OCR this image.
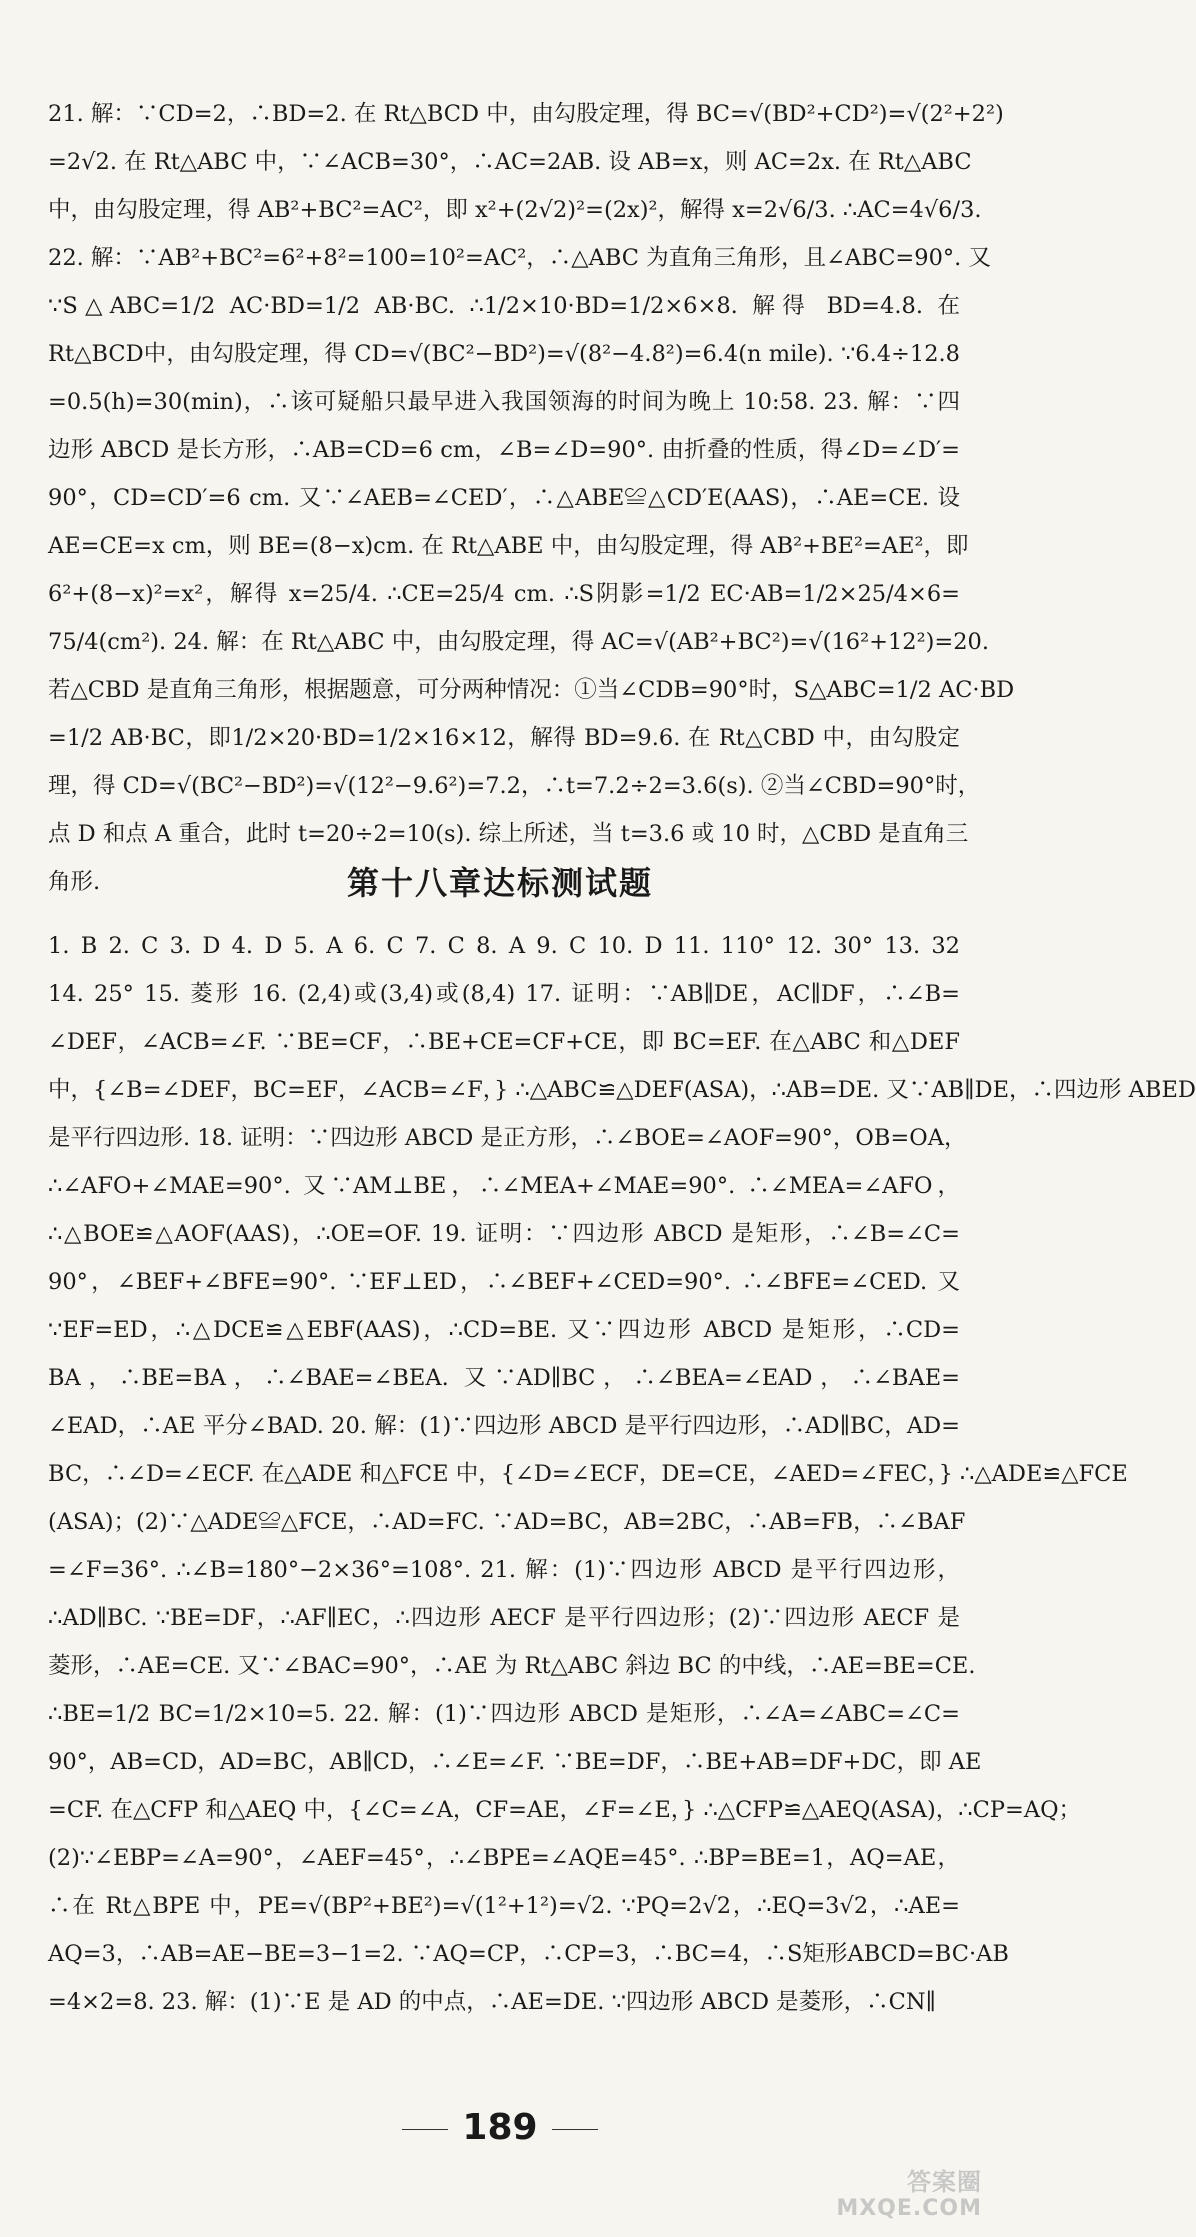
21. 解：∵CD=2，∴BD=2. 在 Rt△BCD 中，由勾股定理，得 BC=√(BD²+CD²)=√(2²+2²)
=2√2. 在 Rt△ABC 中，∵∠ACB=30°，∴AC=2AB. 设 AB=x，则 AC=2x. 在 Rt△ABC
中，由勾股定理，得 AB²+BC²=AC²，即 x²+(2√2)²=(2x)²，解得 x=2√6/3. ∴AC=4√6/3.
22. 解：∵AB²+BC²=6²+8²=100=10²=AC²，∴△ABC 为直角三角形，且∠ABC=90°. 又
∵S△ABC=1/2 AC·BD=1/2 AB·BC. ∴1/2×10·BD=1/2×6×8. 解得 BD=4.8. 在
Rt△BCD中，由勾股定理，得 CD=√(BC²−BD²)=√(8²−4.8²)=6.4(n mile). ∵6.4÷12.8
=0.5(h)=30(min)，∴该可疑船只最早进入我国领海的时间为晚上 10:58. 23. 解：∵四
边形 ABCD 是长方形，∴AB=CD=6 cm，∠B=∠D=90°. 由折叠的性质，得∠D=∠D′=
90°，CD=CD′=6 cm. 又∵∠AEB=∠CED′，∴△ABE≌△CD′E(AAS)，∴AE=CE. 设
AE=CE=x cm，则 BE=(8−x)cm. 在 Rt△ABE 中，由勾股定理，得 AB²+BE²=AE²，即
6²+(8−x)²=x²，解得 x=25/4. ∴CE=25/4 cm. ∴S阴影=1/2 EC·AB=1/2×25/4×6=
75/4(cm²). 24. 解：在 Rt△ABC 中，由勾股定理，得 AC=√(AB²+BC²)=√(16²+12²)=20.
若△CBD 是直角三角形，根据题意，可分两种情况：①当∠CDB=90°时，S△ABC=1/2 AC·BD
=1/2 AB·BC，即1/2×20·BD=1/2×16×12，解得 BD=9.6. 在 Rt△CBD 中，由勾股定
理，得 CD=√(BC²−BD²)=√(12²−9.6²)=7.2，∴t=7.2÷2=3.6(s). ②当∠CBD=90°时，
点 D 和点 A 重合，此时 t=20÷2=10(s). 综上所述，当 t=3.6 或 10 时，△CBD 是直角三
角形.	第十八章达标测试题
1. B 2. C 3. D 4. D 5. A 6. C 7. C 8. A 9. C 10. D 11. 110° 12. 30° 13. 32
14. 25° 15. 菱形 16. (2,4)或(3,4)或(8,4) 17. 证明：∵AB∥DE，AC∥DF，∴∠B=
∠DEF，∠ACB=∠F. ∵BE=CF，∴BE+CE=CF+CE，即 BC=EF. 在△ABC 和△DEF
中，{∠B=∠DEF，BC=EF，∠ACB=∠F，} ∴△ABC≌△DEF(ASA)，∴AB=DE. 又∵AB∥DE，∴四边形 ABED
是平行四边形. 18. 证明：∵四边形 ABCD 是正方形，∴∠BOE=∠AOF=90°，OB=OA，
∴∠AFO+∠MAE=90°. 又∵AM⊥BE，∴∠MEA+∠MAE=90°. ∴∠MEA=∠AFO，
∴△BOE≌△AOF(AAS)，∴OE=OF. 19. 证明：∵四边形 ABCD 是矩形，∴∠B=∠C=
90°，∠BEF+∠BFE=90°. ∵EF⊥ED，∴∠BEF+∠CED=90°. ∴∠BFE=∠CED. 又
∵EF=ED，∴△DCE≌△EBF(AAS)，∴CD=BE. 又∵四边形 ABCD 是矩形，∴CD=
BA，∴BE=BA，∴∠BAE=∠BEA. 又∵AD∥BC，∴∠BEA=∠EAD，∴∠BAE=
∠EAD，∴AE 平分∠BAD. 20. 解：(1)∵四边形 ABCD 是平行四边形，∴AD∥BC，AD=
BC，∴∠D=∠ECF. 在△ADE 和△FCE 中，{∠D=∠ECF，DE=CE，∠AED=∠FEC，} ∴△ADE≌△FCE
(ASA)；(2)∵△ADE≌△FCE，∴AD=FC. ∵AD=BC，AB=2BC，∴AB=FB，∴∠BAF
=∠F=36°. ∴∠B=180°−2×36°=108°. 21. 解：(1)∵四边形 ABCD 是平行四边形，
∴AD∥BC. ∵BE=DF，∴AF∥EC，∴四边形 AECF 是平行四边形；(2)∵四边形 AECF 是
菱形，∴AE=CE. 又∵∠BAC=90°，∴AE 为 Rt△ABC 斜边 BC 的中线，∴AE=BE=CE.
∴BE=1/2 BC=1/2×10=5. 22. 解：(1)∵四边形 ABCD 是矩形，∴∠A=∠ABC=∠C=
90°，AB=CD，AD=BC，AB∥CD，∴∠E=∠F. ∵BE=DF，∴BE+AB=DF+DC，即 AE
=CF. 在△CFP 和△AEQ 中，{∠C=∠A，CF=AE，∠F=∠E，} ∴△CFP≌△AEQ(ASA)，∴CP=AQ；
(2)∵∠EBP=∠A=90°，∠AEF=45°，∴∠BPE=∠AQE=45°. ∴BP=BE=1，AQ=AE，
∴在 Rt△BPE 中，PE=√(BP²+BE²)=√(1²+1²)=√2. ∵PQ=2√2，∴EQ=3√2，∴AE=
AQ=3，∴AB=AE−BE=3−1=2. ∵AQ=CP，∴CP=3，∴BC=4，∴S矩形ABCD=BC·AB
=4×2=8. 23. 解：(1)∵E 是 AD 的中点，∴AE=DE. ∵四边形 ABCD 是菱形，∴CN∥
189
答案圈
MXQE.COM
